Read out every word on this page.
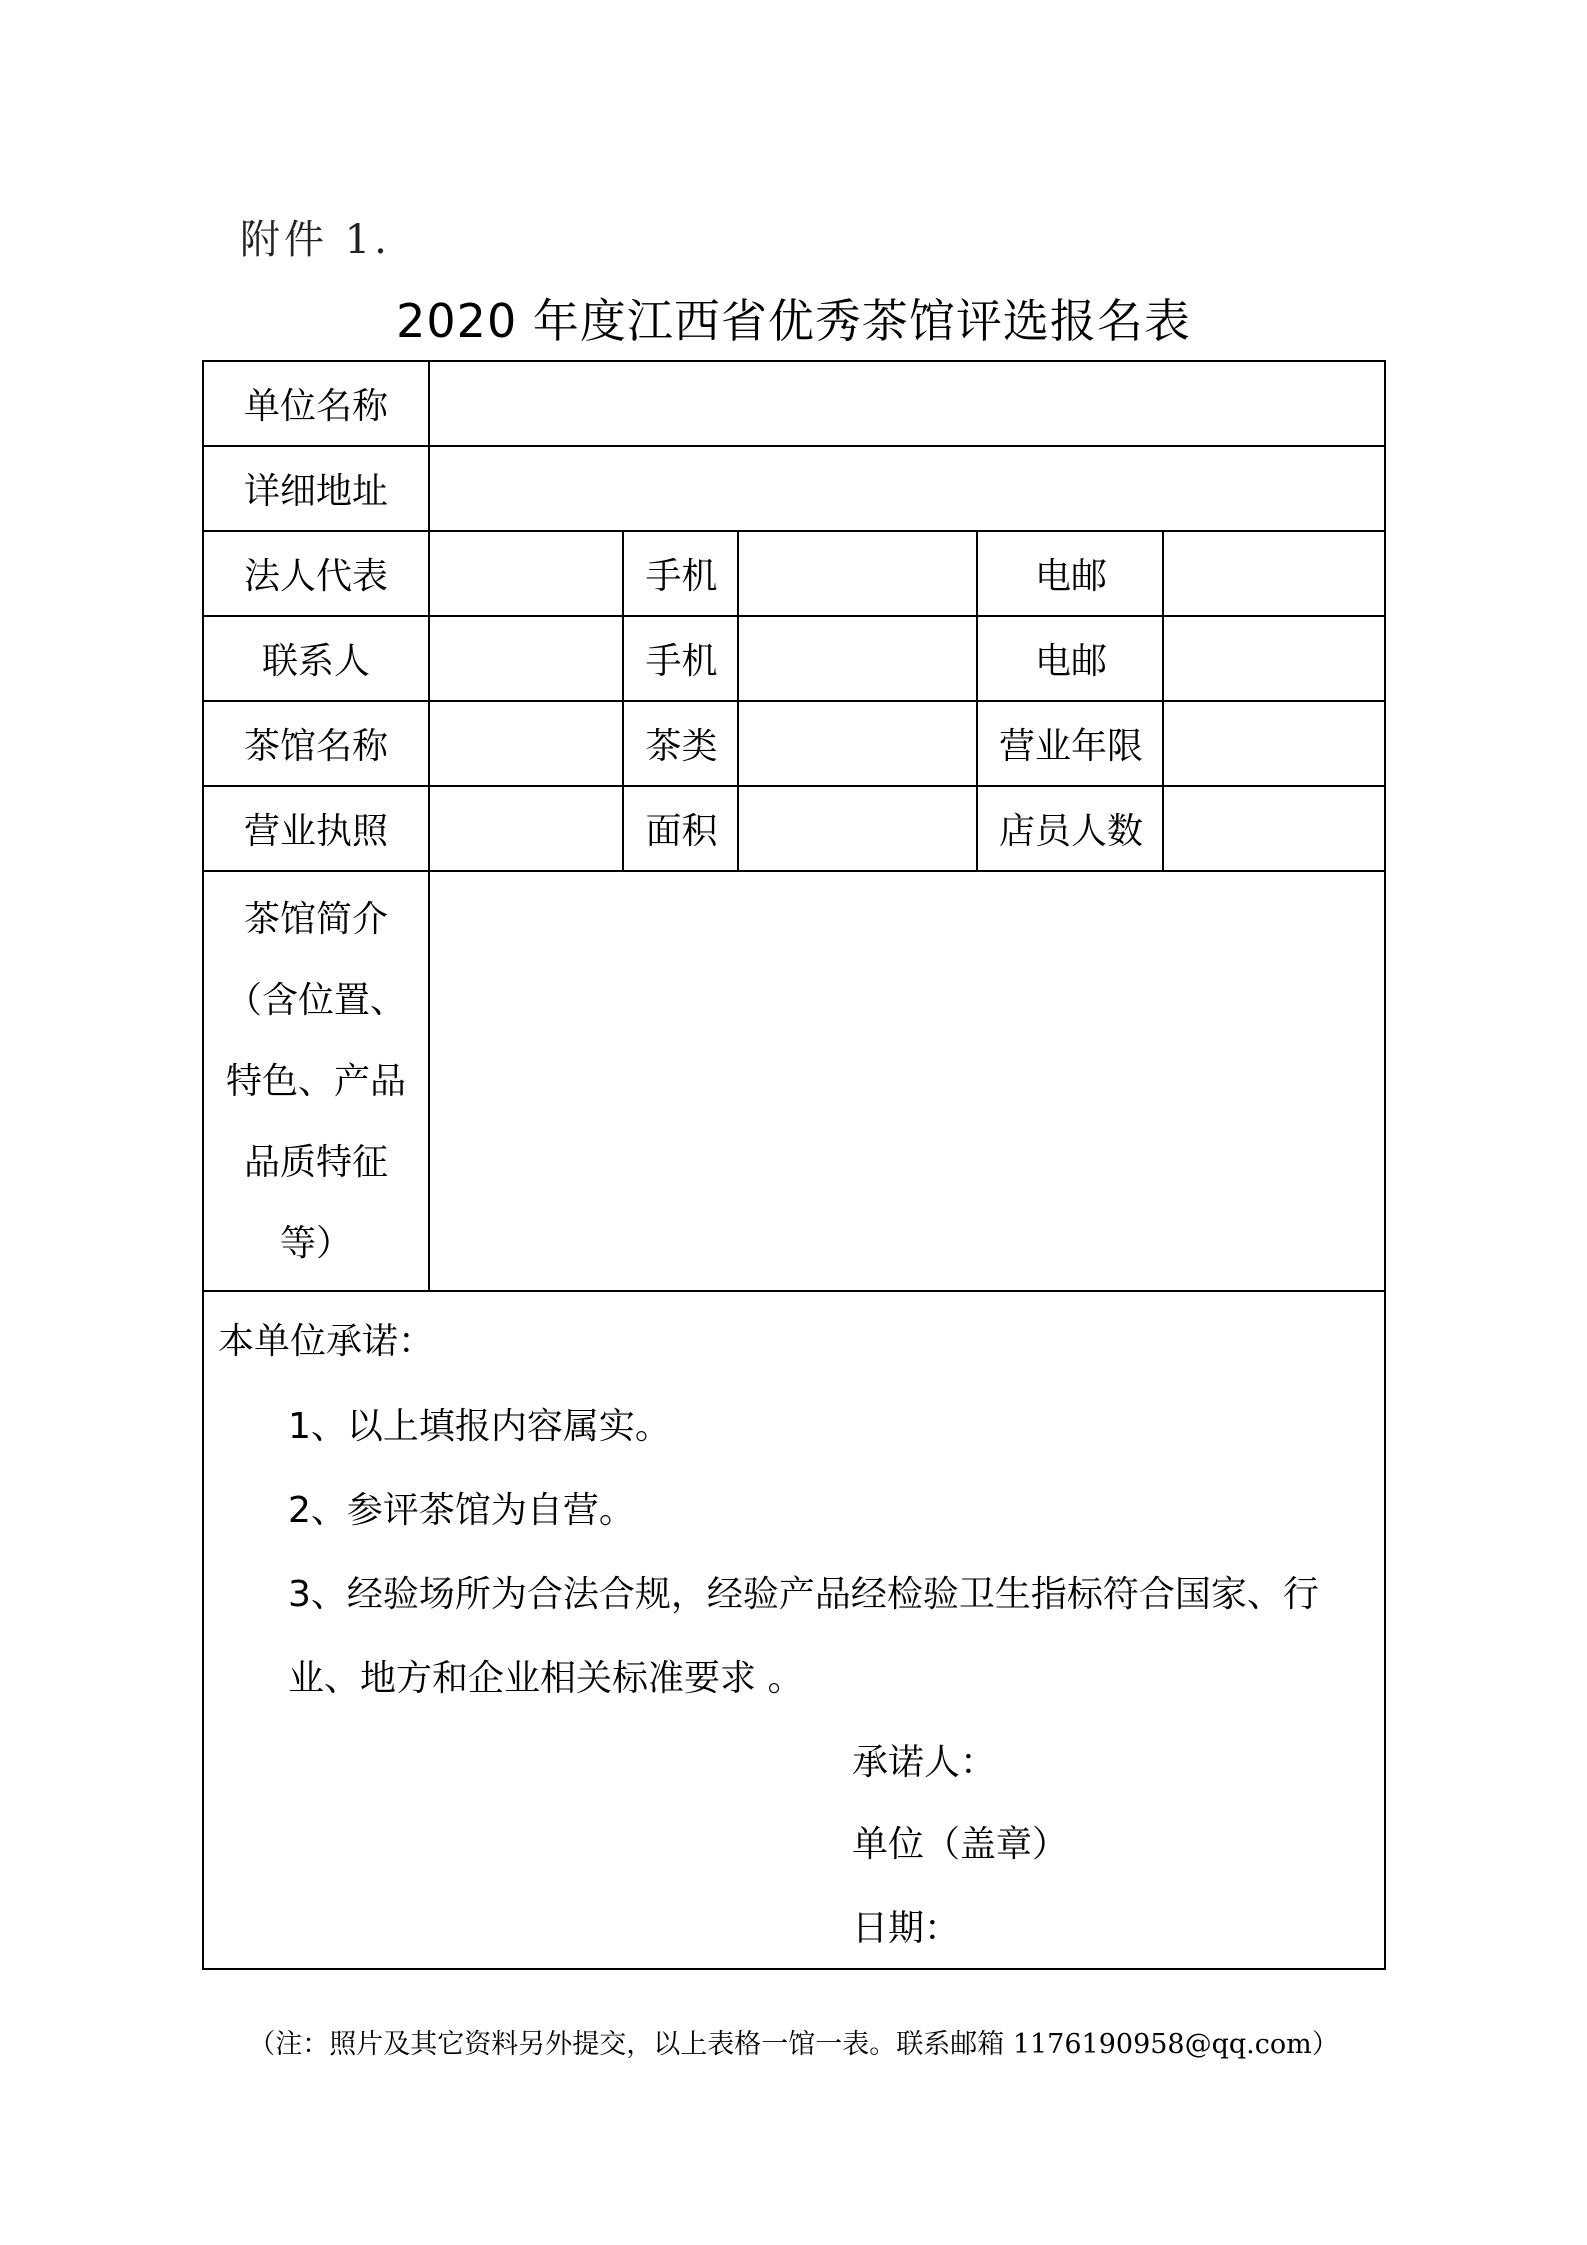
附件 1.
2020 年度江西省优秀茶馆评选报名表
单位名称
详细地址
法人代表	手机	电邮
联系人	手机	电邮
茶馆名称	茶类	营业年限
营业执照	面积	店员人数
茶馆简介
（含位置、
特色、产品
品质特征
等）
本单位承诺：
1、以上填报内容属实。
2、参评茶馆为自营。
3、经验场所为合法合规，经验产品经检验卫生指标符合国家、行
业、地方和企业相关标准要求 。
承诺人：
单位（盖章）
日期：
（注：照片及其它资料另外提交，以上表格一馆一表。联系邮箱 1176190958@qq.com）
